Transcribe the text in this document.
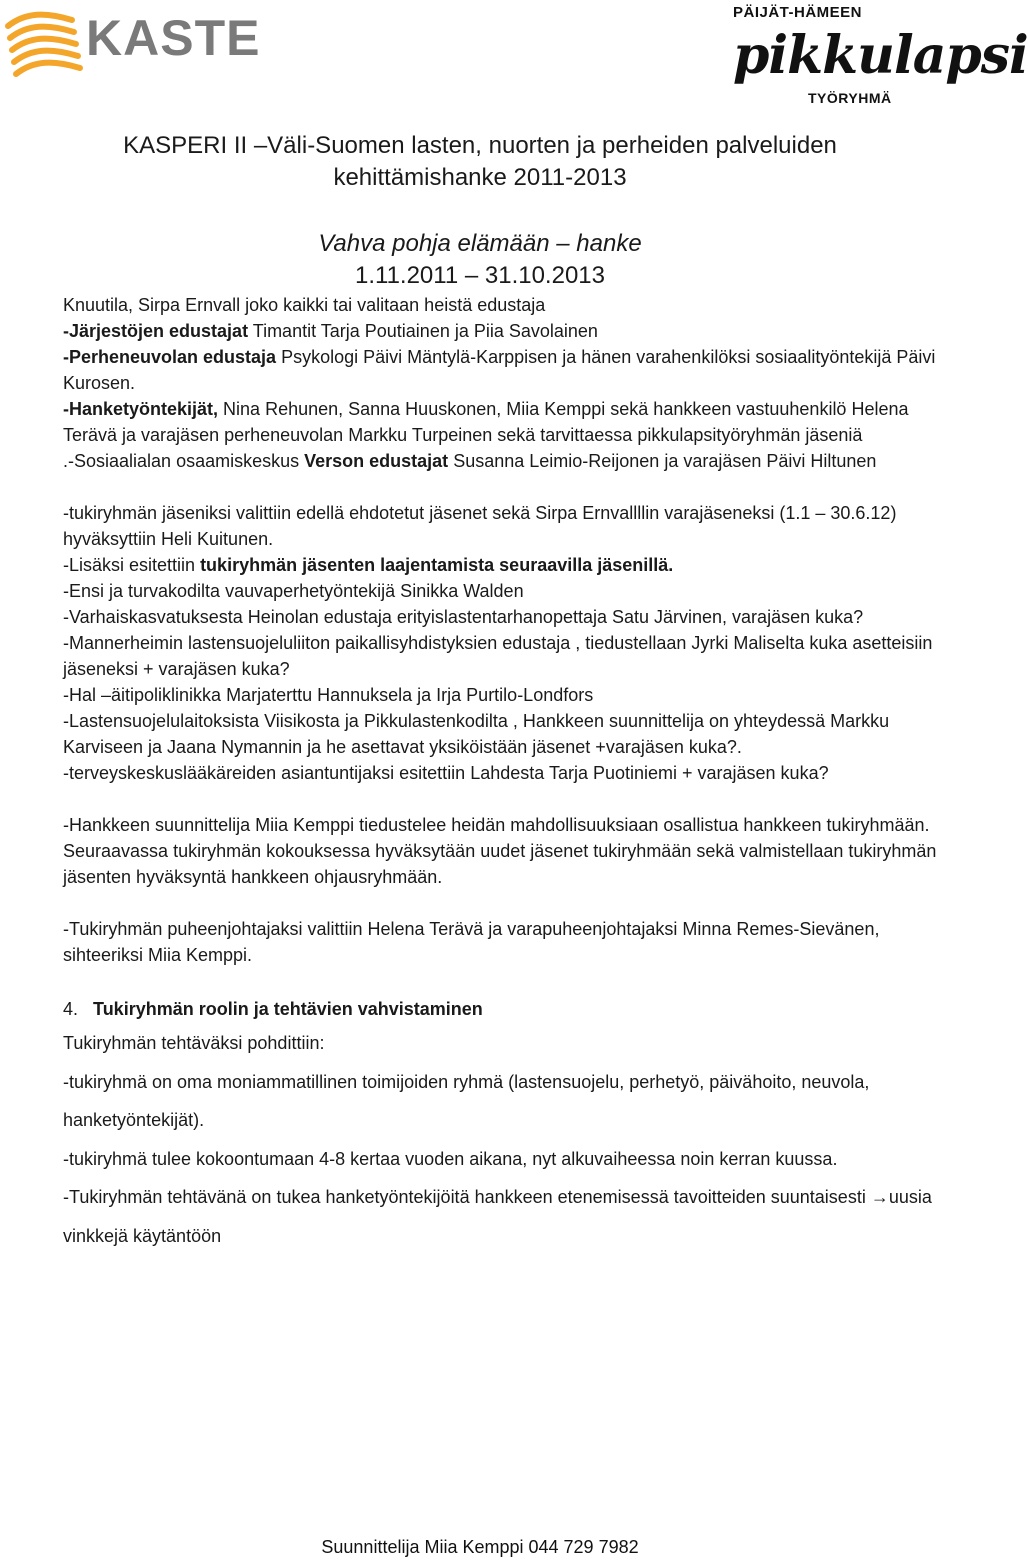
KASTE	PÄIJÄT-HÄMEEN
pikkulapsi
TYÖRYHMÄ
KASPERI II –Väli-Suomen lasten, nuorten ja perheiden palveluiden
kehittämishanke 2011-2013
Vahva pohja elämään – hanke
1.11.2011 – 31.10.2013

Knuutila, Sirpa Ernvall joko kaikki tai valitaan heistä edustaja

-Järjestöjen edustajat Timantit Tarja Poutiainen ja Piia Savolainen

-Perheneuvolan edustaja Psykologi Päivi Mäntylä-Karppisen ja hänen varahenkilöksi sosiaalityöntekijä Päivi Kurosen.

-Hanketyöntekijät, Nina Rehunen, Sanna Huuskonen, Miia Kemppi sekä hankkeen vastuuhenkilö Helena Terävä ja varajäsen perheneuvolan Markku Turpeinen sekä tarvittaessa pikkulapsityöryhmän jäseniä

.-Sosiaalialan osaamiskeskus Verson edustajat Susanna Leimio-Reijonen ja varajäsen Päivi Hiltunen

-tukiryhmän jäseniksi valittiin edellä ehdotetut jäsenet sekä Sirpa Ernvallllin varajäseneksi (1.1 – 30.6.12) hyväksyttiin Heli Kuitunen.

-Lisäksi esitettiin tukiryhmän jäsenten laajentamista seuraavilla jäsenillä.

-Ensi ja turvakodilta vauvaperhetyöntekijä Sinikka Walden

-Varhaiskasvatuksesta Heinolan edustaja erityislastentarhanopettaja Satu Järvinen, varajäsen kuka?

-Mannerheimin lastensuojeluliiton paikallisyhdistyksien edustaja , tiedustellaan Jyrki Maliselta kuka asetteisiin jäseneksi + varajäsen kuka?

-Hal –äitipoliklinikka Marjaterttu Hannuksela ja Irja Purtilo-Londfors

-Lastensuojelulaitoksista Viisikosta ja Pikkulastenkodilta , Hankkeen suunnittelija on yhteydessä Markku Karviseen ja Jaana Nymannin ja he asettavat yksiköistään jäsenet +varajäsen kuka?.

-terveyskeskuslääkäreiden asiantuntijaksi esitettiin Lahdesta Tarja Puotiniemi + varajäsen kuka?

-Hankkeen suunnittelija Miia Kemppi tiedustelee heidän mahdollisuuksiaan osallistua hankkeen tukiryhmään. Seuraavassa tukiryhmän kokouksessa hyväksytään uudet jäsenet tukiryhmään sekä valmistellaan tukiryhmän jäsenten hyväksyntä hankkeen ohjausryhmään.

-Tukiryhmän puheenjohtajaksi valittiin Helena Terävä ja varapuheenjohtajaksi Minna Remes-Sievänen, sihteeriksi Miia Kemppi.

4. Tukiryhmän roolin ja tehtävien vahvistaminen

Tukiryhmän tehtäväksi pohdittiin:

-tukiryhmä on oma moniammatillinen toimijoiden ryhmä (lastensuojelu, perhetyö, päivähoito, neuvola, hanketyöntekijät).

-tukiryhmä tulee kokoontumaan 4-8 kertaa vuoden aikana, nyt alkuvaiheessa noin kerran kuussa.

-Tukiryhmän tehtävänä on tukea hanketyöntekijöitä hankkeen etenemisessä tavoitteiden suuntaisesti →uusia vinkkejä käytäntöön

Suunnittelija Miia Kemppi 044 729 7982
